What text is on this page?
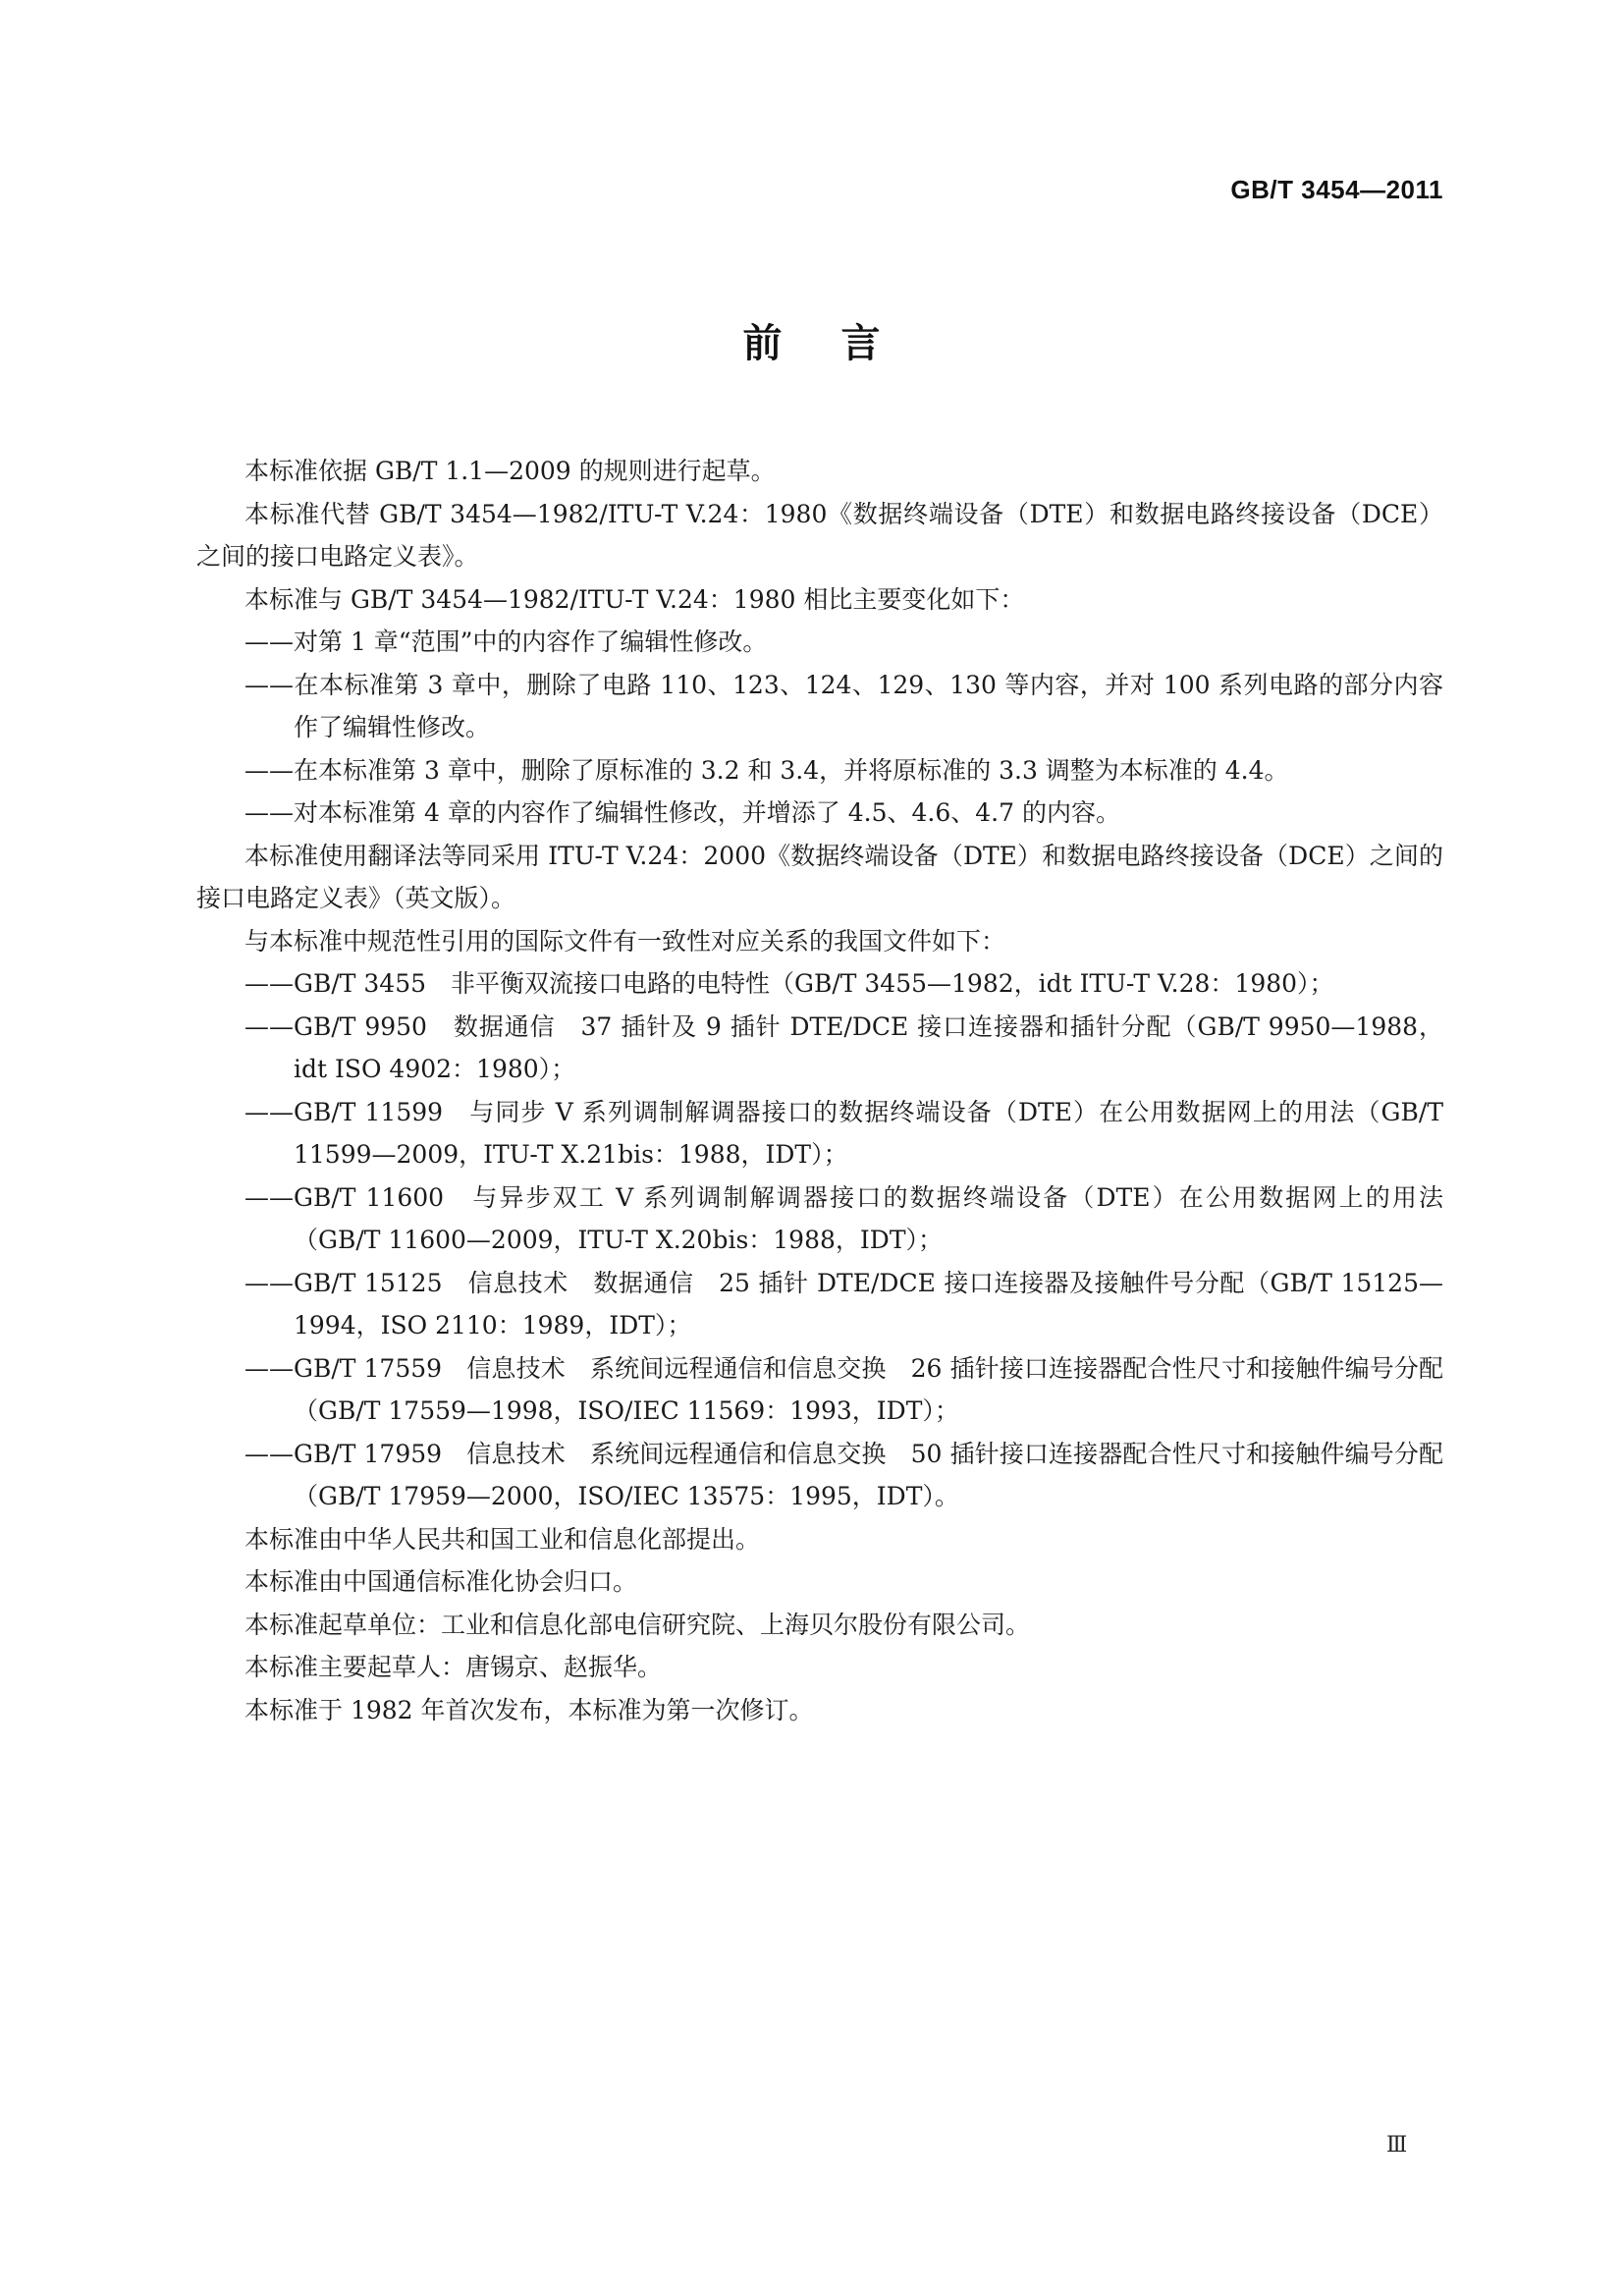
GB/T 3454—2011
前言

本标准依据 GB/T 1.1—2009 的规则进行起草。

本标准代替 GB/T 3454—1982/ITU-T V.24：1980《数据终端设备（DTE）和数据电路终接设备（DCE）之间的接口电路定义表》。

本标准与 GB/T 3454—1982/ITU-T V.24：1980 相比主要变化如下：

——对第 1 章“范围”中的内容作了编辑性修改。

——在本标准第 3 章中，删除了电路 110、123、124、129、130 等内容，并对 100 系列电路的部分内容作了编辑性修改。

——在本标准第 3 章中，删除了原标准的 3.2 和 3.4，并将原标准的 3.3 调整为本标准的 4.4。

——对本标准第 4 章的内容作了编辑性修改，并增添了 4.5、4.6、4.7 的内容。

本标准使用翻译法等同采用 ITU-T V.24：2000《数据终端设备（DTE）和数据电路终接设备（DCE）之间的接口电路定义表》（英文版）。

与本标准中规范性引用的国际文件有一致性对应关系的我国文件如下：

——GB/T 3455　非平衡双流接口电路的电特性（GB/T 3455—1982，idt ITU-T V.28：1980）；

——GB/T 9950　数据通信　37 插针及 9 插针 DTE/DCE 接口连接器和插针分配（GB/T 9950—1988，idt ISO 4902：1980）；

——GB/T 11599　与同步 V 系列调制解调器接口的数据终端设备（DTE）在公用数据网上的用法（GB/T 11599—2009，ITU-T X.21bis：1988，IDT）；

——GB/T 11600　与异步双工 V 系列调制解调器接口的数据终端设备（DTE）在公用数据网上的用法（GB/T 11600—2009，ITU-T X.20bis：1988，IDT）；

——GB/T 15125　信息技术　数据通信　25 插针 DTE/DCE 接口连接器及接触件号分配（GB/T 15125—1994，ISO 2110：1989，IDT）；

——GB/T 17559　信息技术　系统间远程通信和信息交换　26 插针接口连接器配合性尺寸和接触件编号分配（GB/T 17559—1998，ISO/IEC 11569：1993，IDT）；

——GB/T 17959　信息技术　系统间远程通信和信息交换　50 插针接口连接器配合性尺寸和接触件编号分配（GB/T 17959—2000，ISO/IEC 13575：1995，IDT）。

本标准由中华人民共和国工业和信息化部提出。

本标准由中国通信标准化协会归口。

本标准起草单位：工业和信息化部电信研究院、上海贝尔股份有限公司。

本标准主要起草人：唐锡京、赵振华。

本标准于 1982 年首次发布，本标准为第一次修订。

Ⅲ
